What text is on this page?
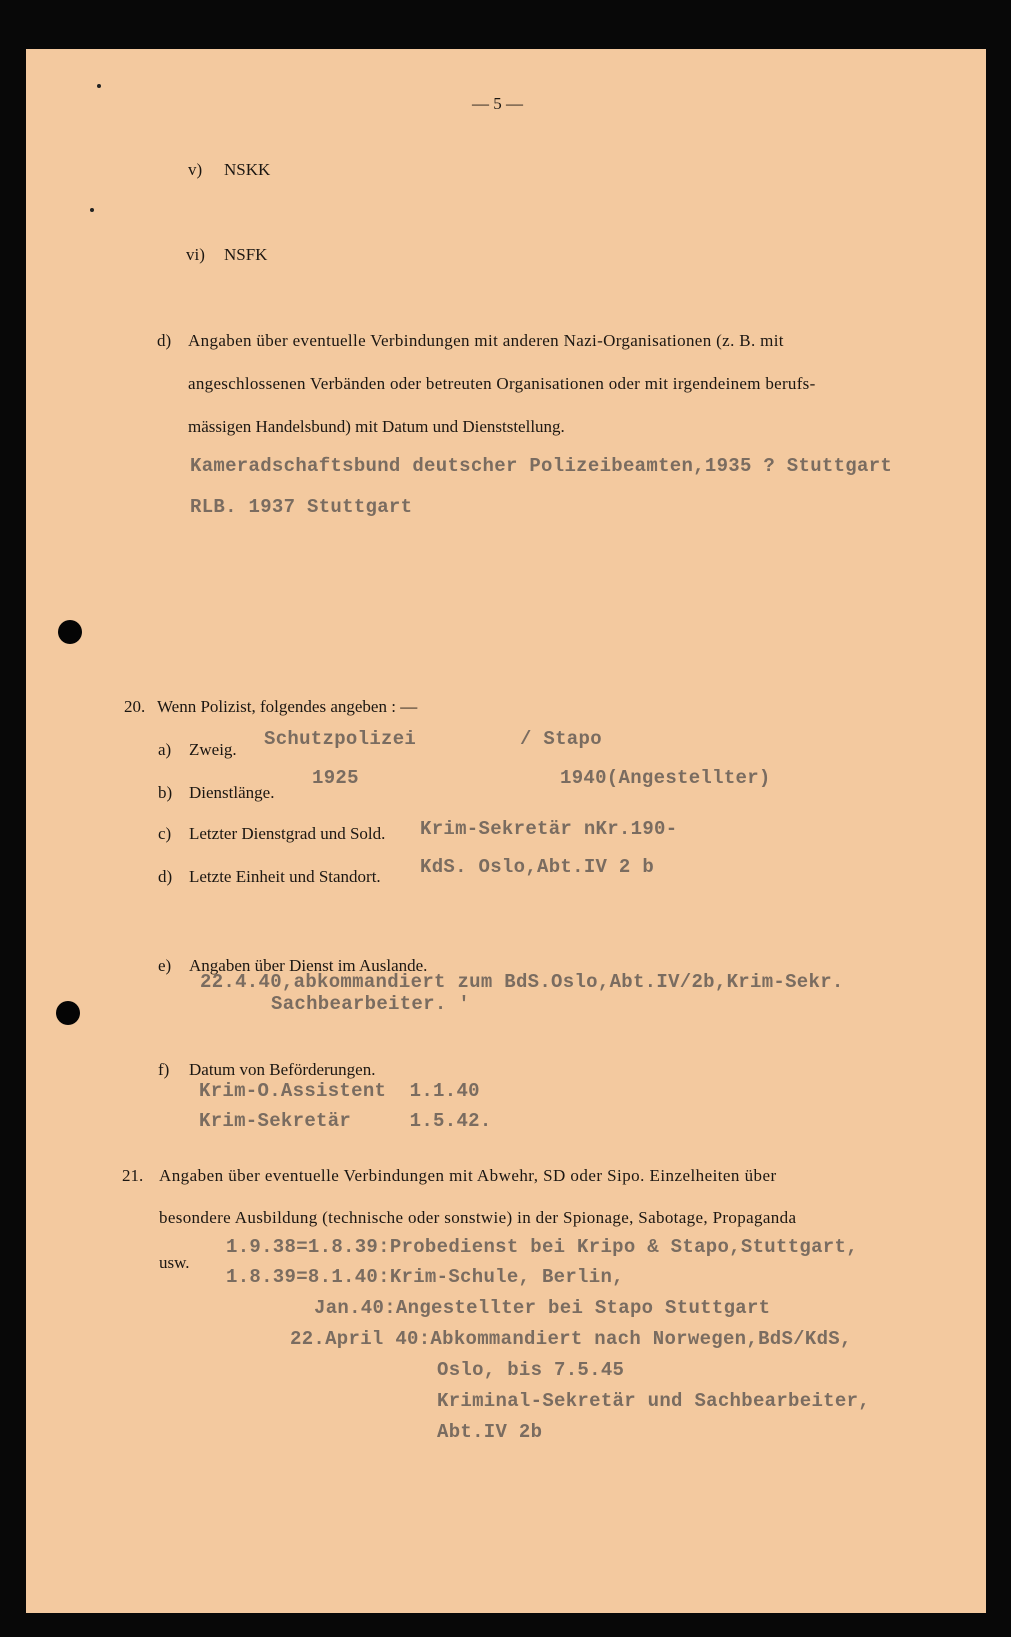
— 5 —
v) NSKK
vi) NSFK
d) Angaben über eventuelle Verbindungen mit anderen Nazi-Organisationen (z. B. mit
angeschlossenen Verbänden oder betreuten Organisationen oder mit irgendeinem berufs-
mässigen Handelsbund) mit Datum und Dienststellung.
Kameradschaftsbund deutscher Polizeibeamten,1935 ? Stuttgart
RLB. 1937 Stuttgart
20. Wenn Polizist, folgendes angeben : —
a) Zweig. Schutzpolizei	/ Stapo
b) Dienstlänge.
1925	1940(Angestellter)
c) Letzter Dienstgrad und Sold. Krim-Sekretär nKr.190-
d) Letzte Einheit und Standort. KdS. Oslo,Abt.IV 2 b
e) Angaben über Dienst im Auslande.
22.4.40,abkommandiert zum BdS.Oslo,Abt.IV/2b,Krim-Sekr.
Sachbearbeiter. '
f) Datum von Beförderungen.
Krim-O.Assistent  1.1.40
Krim-Sekretär     1.5.42.
21. Angaben über eventuelle Verbindungen mit Abwehr, SD oder Sipo. Einzelheiten über
besondere Ausbildung (technische oder sonstwie) in der Spionage, Sabotage, Propaganda
usw.
1.9.38=1.8.39:Probedienst bei Kripo & Stapo,Stuttgart,
1.8.39=8.1.40:Krim-Schule, Berlin,
Jan.40:Angestellter bei Stapo Stuttgart
22.April 40:Abkommandiert nach Norwegen,BdS/KdS,
Oslo, bis 7.5.45
Kriminal-Sekretär und Sachbearbeiter,
Abt.IV 2b
